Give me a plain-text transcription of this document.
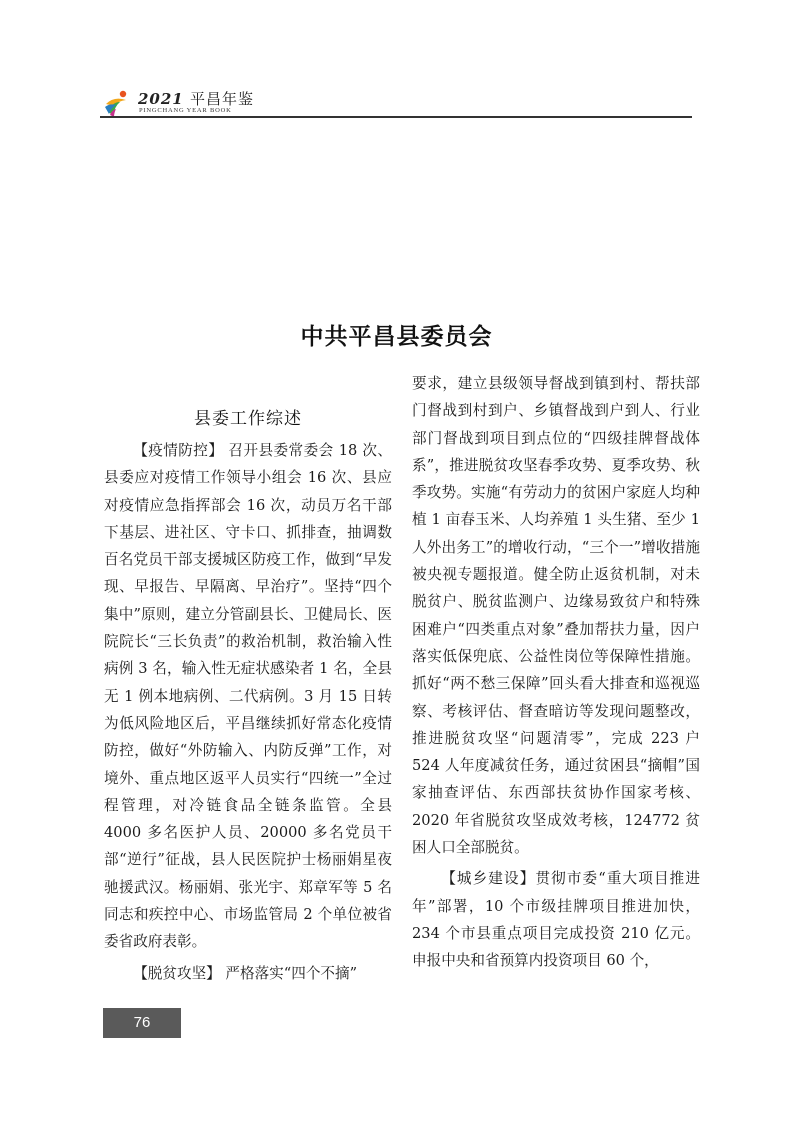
2021 平昌年鉴
PINGCHANG YEAR BOOK
中共平昌县委员会
县委工作综述

【疫情防控】 召开县委常委会 18 次、县委应对疫情工作领导小组会 16 次、县应对疫情应急指挥部会 16 次，动员万名干部下基层、进社区、守卡口、抓排查，抽调数百名党员干部支援城区防疫工作，做到“早发现、早报告、早隔离、早治疗”。坚持“四个集中”原则，建立分管副县长、卫健局长、医院院长“三长负责”的救治机制，救治输入性病例 3 名，输入性无症状感染者 1 名，全县无 1 例本地病例、二代病例。3 月 15 日转为低风险地区后，平昌继续抓好常态化疫情防控，做好“外防输入、内防反弹”工作，对境外、重点地区返平人员实行“四统一”全过程管理，对冷链食品全链条监管。全县 4000 多名医护人员、20000 多名党员干部“逆行”征战，县人民医院护士杨丽娟星夜驰援武汉。杨丽娟、张光宇、郑章军等 5 名同志和疾控中心、市场监管局 2 个单位被省委省政府表彰。

【脱贫攻坚】 严格落实“四个不摘”

要求，建立县级领导督战到镇到村、帮扶部门督战到村到户、乡镇督战到户到人、行业部门督战到项目到点位的“四级挂牌督战体系”，推进脱贫攻坚春季攻势、夏季攻势、秋季攻势。实施“有劳动力的贫困户家庭人均种植 1 亩春玉米、人均养殖 1 头生猪、至少 1 人外出务工”的增收行动，“三个一”增收措施被央视专题报道。健全防止返贫机制，对未脱贫户、脱贫监测户、边缘易致贫户和特殊困难户“四类重点对象”叠加帮扶力量，因户落实低保兜底、公益性岗位等保障性措施。抓好“两不愁三保障”回头看大排查和巡视巡察、考核评估、督查暗访等发现问题整改，推进脱贫攻坚“问题清零”，完成 223 户 524 人年度减贫任务，通过贫困县“摘帽”国家抽查评估、东西部扶贫协作国家考核、2020 年省脱贫攻坚成效考核，124772 贫困人口全部脱贫。

【城乡建设】贯彻市委“重大项目推进年”部署，10 个市级挂牌项目推进加快，234 个市县重点项目完成投资 210 亿元。申报中央和省预算内投资项目 60 个，

76
